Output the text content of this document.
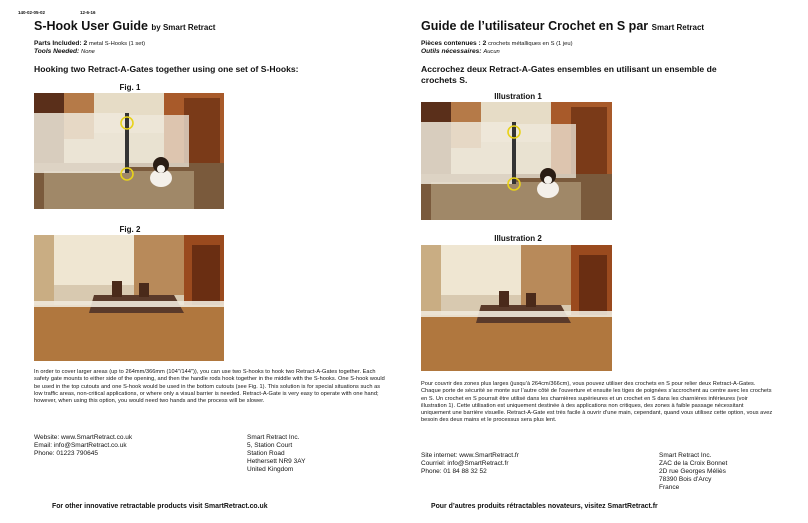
140-02-05-02	12-6-16
S-Hook User Guide by Smart Retract
Parts Included: 2 metal S-Hooks (1 set)
Tools Needed: None
Hooking two Retract-A-Gates together using one set of S-Hooks:
Fig. 1
Fig. 2
In order to cover larger areas (up to 264mm/366mm (104"/144")), you can use two S-hooks to hook two Retract-A-Gates together. Each safety gate mounts to either side of the opening, and then the handle rods hook together in the middle with the S-hooks. One S-hook would be used in the top cutouts and one S-hook would be used in the bottom cutouts (see Fig. 1). This solution is for special situations such as low traffic areas, non-critical applications, or where only a visual barrier is needed. Retract-A-Gate is very easy to operate with one hand; however, when using this option, you would need two hands and the process will be slower.
Website: www.SmartRetract.co.uk
Email: info@SmartRetract.co.uk
Phone: 01223 790645
Smart Retract Inc.
5, Station Court
Station Road
Hethersett NR9 3AY
United Kingdom
For other innovative retractable products visit SmartRetract.co.uk
Guide de l’utilisateur Crochet en S par Smart Retract
Pièces contenues : 2 crochets métalliques en S (1 jeu)
Outils nécessaires: Aucun
Accrochez deux Retract-A-Gates ensembles en utilisant un ensemble de
crochets S.
Illustration 1
Illustration 2
Pour couvrir des zones plus larges (jusqu’à 264cm/366cm), vous pouvez utiliser des crochets en S pour relier deux Retract-A-Gates. Chaque porte de sécurité se monte sur l’autre côté de l’ouverture et ensuite les tiges de poignées s’accrochent au centre avec les crochets en S. Un crochet en S pourrait être utilisé dans les charnières supérieures et un crochet en S dans les charnières inférieures (voir illustration 1). Cette utilisation est uniquement destinée à des applications non critiques, des zones à faible passage nécessitant uniquement une barrière visuelle. Retract-A-Gate est très facile à ouvrir d’une main, cependant, quand vous utilisez cette option, vous avez besoin des deux mains et le processus sera plus lent.
Site internet: www.SmartRetract.fr
Courriel: info@SmartRetract.fr
Phone: 01 84 88 32 52
Smart Retract Inc.
ZAC de la Croix Bonnet
2D rue Georges Méliès
78390 Bois d’Arcy
France
Pour d’autres produits rétractables novateurs, visitez SmartRetract.fr
